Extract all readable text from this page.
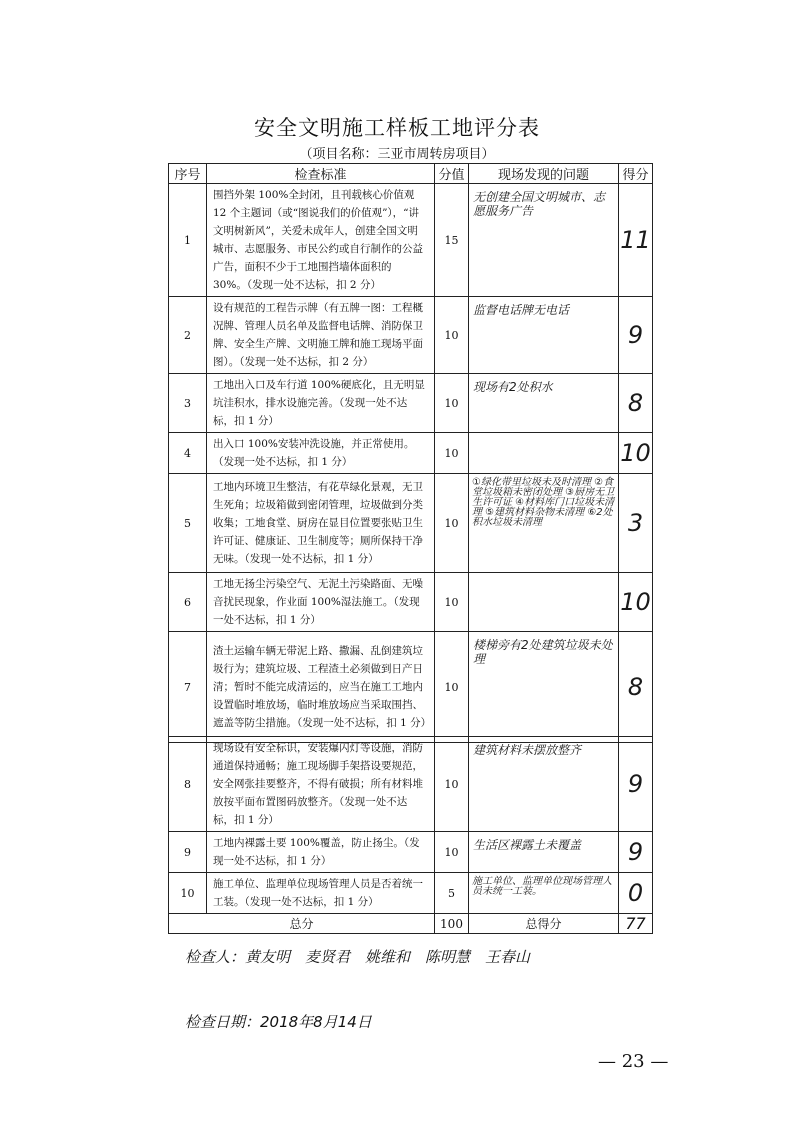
安全文明施工样板工地评分表
（项目名称：三亚市周转房项目）
序号	检查标准	分值	现场发现的问题	得分
1	围挡外架 100%全封闭，且刊载核心价值观 12 个主题词（或“图说我们的价值观”），“讲文明树新风”，关爱未成年人，创建全国文明城市、志愿服务、市民公约或自行制作的公益广告，面积不少于工地围挡墙体面积的 30%。（发现一处不达标，扣 2 分）	15	无创建全国文明城市、志愿服务广告	11
2	设有规范的工程告示牌（有五牌一图：工程概况牌、管理人员名单及监督电话牌、消防保卫牌、安全生产牌、文明施工牌和施工现场平面图）。（发现一处不达标，扣 2 分）	10	监督电话牌无电话	9
3	工地出入口及车行道 100%硬底化，且无明显坑洼积水，排水设施完善。（发现一处不达标，扣 1 分）	10	现场有2处积水	8
4	出入口 100%安装冲洗设施，并正常使用。（发现一处不达标，扣 1 分）	10		10
5	工地内环境卫生整洁，有花草绿化景观，无卫生死角；垃圾箱做到密闭管理，垃圾做到分类收集；工地食堂、厨房在显目位置要张贴卫生许可证、健康证、卫生制度等；厕所保持干净无味。（发现一处不达标，扣 1 分）	10	①绿化带里垃圾未及时清理 ②食堂垃圾箱未密闭处理 ③厨房无卫生许可证 ④材料库门口垃圾未清理 ⑤建筑材料杂物未清理 ⑥2处积水垃圾未清理	3
6	工地无扬尘污染空气、无泥土污染路面、无噪音扰民现象，作业面 100%湿法施工。（发现一处不达标，扣 1 分）	10		10
7	渣土运输车辆无带泥上路、撒漏、乱倒建筑垃圾行为；建筑垃圾、工程渣土必须做到日产日清；暂时不能完成清运的，应当在施工工地内设置临时堆放场，临时堆放场应当采取围挡、遮盖等防尘措施。（发现一处不达标，扣 1 分）	10	楼梯旁有2处建筑垃圾未处理	8
8	现场设有安全标识，安装爆闪灯等设施，消防通道保持通畅；施工现场脚手架搭设要规范，安全网张挂要整齐，不得有破损；所有材料堆放按平面布置图码放整齐。（发现一处不达标，扣 1 分）	10	建筑材料未摆放整齐	9
9	工地内裸露土要 100%覆盖，防止扬尘。（发现一处不达标，扣 1 分）	10	生活区裸露土未覆盖	9
10	施工单位、监理单位现场管理人员是否着统一工装。（发现一处不达标，扣 1 分）	5	施工单位、监理单位现场管理人员未统一工装。	0
总分		100	总得分	77
检查人：黄友明　麦贤君　姚维和　陈明慧　王春山
检查日期：2018年8月14日
— 23 —
